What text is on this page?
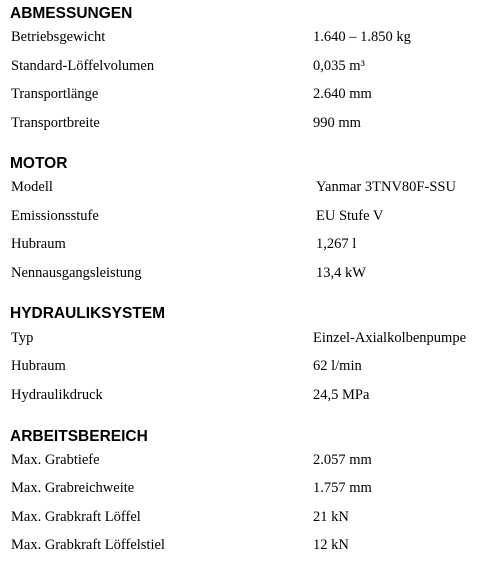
ABMESSUNGEN
Betriebsgewicht	1.640 – 1.850 kg
Standard-Löffelvolumen	0,035 m³
Transportlänge	2.640 mm
Transportbreite	990 mm
MOTOR
Modell	Yanmar 3TNV80F-SSU
Emissionsstufe	EU Stufe V
Hubraum	1,267 l
Nennausgangsleistung	13,4 kW
HYDRAULIKSYSTEM
Typ	Einzel-Axialkolbenpumpe
Hubraum	62 l/min
Hydraulikdruck	24,5 MPa
ARBEITSBEREICH
Max. Grabtiefe	2.057 mm
Max. Grabreichweite	1.757 mm
Max. Grabkraft Löffel	21 kN
Max. Grabkraft Löffelstiel	12 kN
